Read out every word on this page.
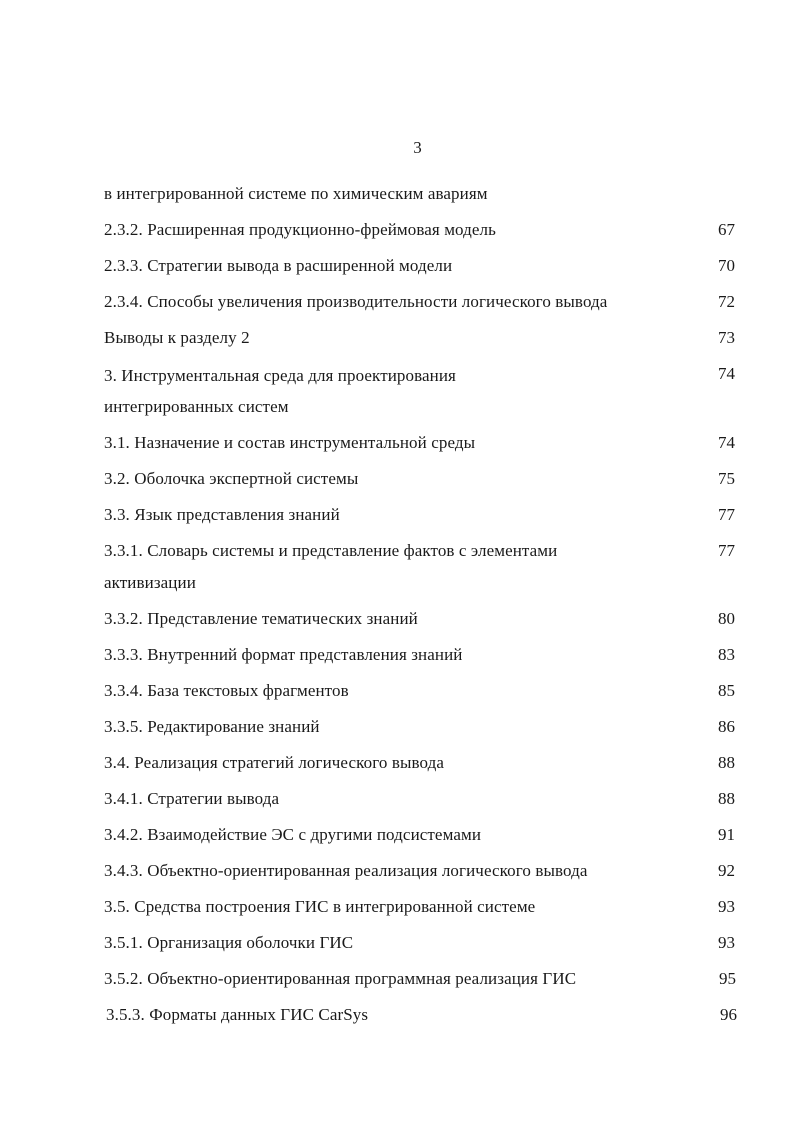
3
в интегрированной системе по химическим авариям
2.3.2. Расширенная продукционно-фреймовая модель	67
2.3.3. Стратегии вывода в расширенной модели	70
2.3.4. Способы увеличения производительности логического вывода	72
Выводы к разделу 2	73
3. Инструментальная среда для проектирования	74
интегрированных систем
3.1. Назначение и состав инструментальной среды	74
3.2. Оболочка экспертной системы	75
3.3. Язык представления знаний	77
3.3.1. Словарь системы и представление фактов с элементами	77
активизации
3.3.2. Представление тематических знаний	80
3.3.3. Внутренний формат представления знаний	83
3.3.4. База текстовых фрагментов	85
3.3.5. Редактирование знаний	86
3.4. Реализация стратегий логического вывода	88
3.4.1. Стратегии вывода	88
3.4.2. Взаимодействие ЭС с другими подсистемами	91
3.4.3. Объектно-ориентированная реализация логического вывода	92
3.5. Средства построения ГИС в интегрированной системе	93
3.5.1. Организация оболочки ГИС	93
3.5.2. Объектно-ориентированная программная реализация ГИС	95
3.5.3. Форматы данных ГИС CarSys	96
